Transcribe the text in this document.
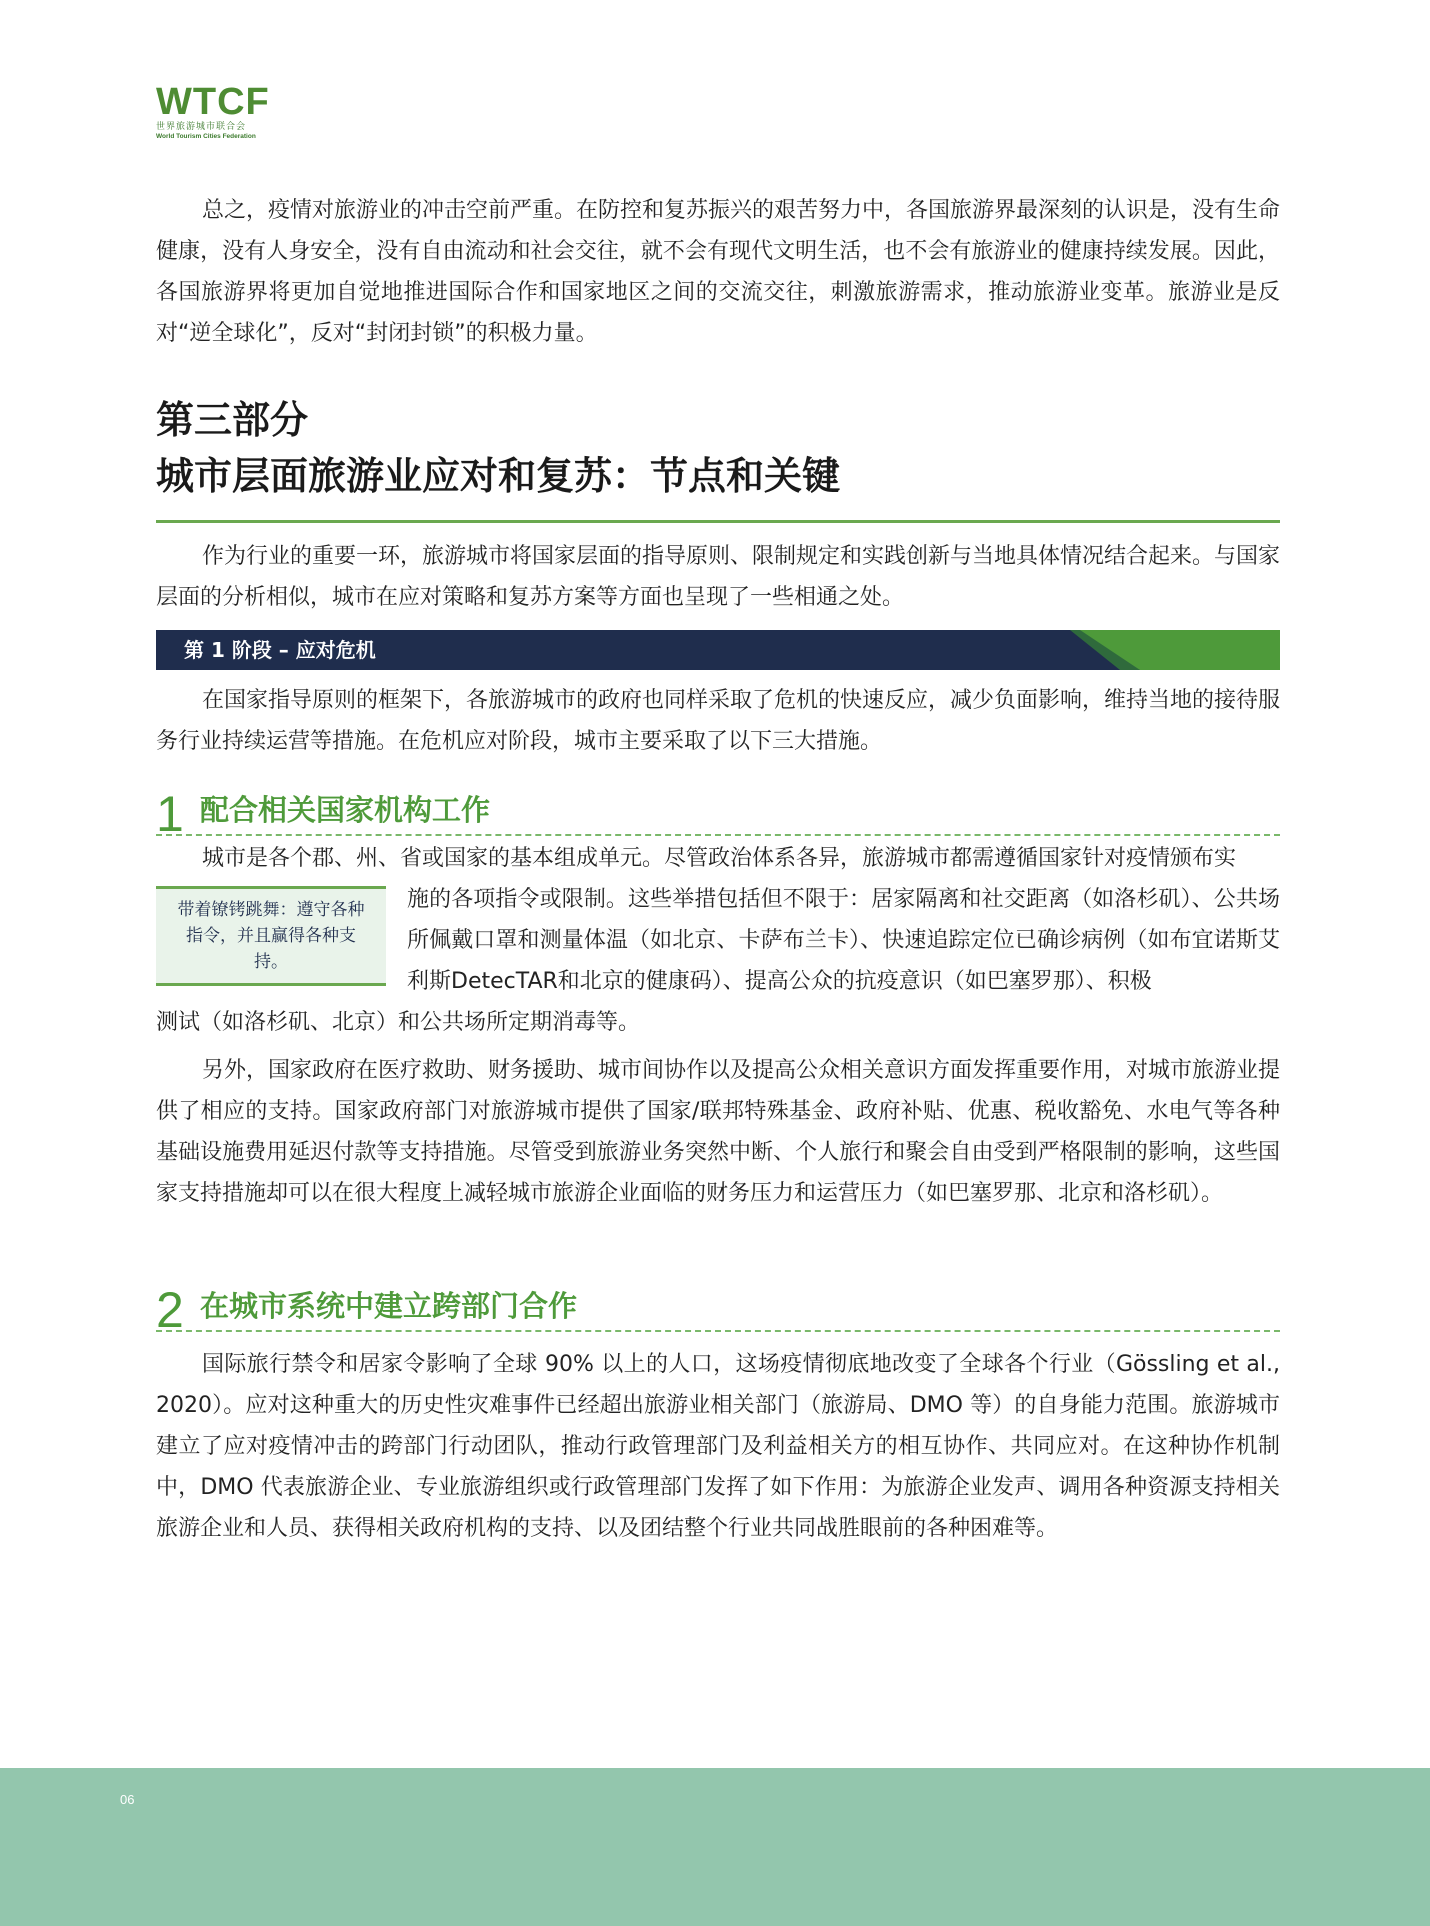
WTCF
世界旅游城市联合会
World Tourism Cities Federation

总之，疫情对旅游业的冲击空前严重。在防控和复苏振兴的艰苦努力中，各国旅游界最深刻的认识是，没有生命健康，没有人身安全，没有自由流动和社会交往，就不会有现代文明生活，也不会有旅游业的健康持续发展。因此，各国旅游界将更加自觉地推进国际合作和国家地区之间的交流交往，刺激旅游需求，推动旅游业变革。旅游业是反对“逆全球化”，反对“封闭封锁”的积极力量。

第三部分
城市层面旅游业应对和复苏：节点和关键

作为行业的重要一环，旅游城市将国家层面的指导原则、限制规定和实践创新与当地具体情况结合起来。与国家层面的分析相似，城市在应对策略和复苏方案等方面也呈现了一些相通之处。

第 1 阶段 – 应对危机

在国家指导原则的框架下，各旅游城市的政府也同样采取了危机的快速反应，减少负面影响，维持当地的接待服务行业持续运营等措施。在危机应对阶段，城市主要采取了以下三大措施。

1 配合相关国家机构工作

城市是各个郡、州、省或国家的基本组成单元。尽管政治体系各异，旅游城市都需遵循国家针对疫情颁布实

带着镣铐跳舞：遵守各种指令，并且赢得各种支持。

施的各项指令或限制。这些举措包括但不限于：居家隔离和社交距离（如洛杉矶）、公共场所佩戴口罩和测量体温（如北京、卡萨布兰卡）、快速追踪定位已确诊病例（如布宜诺斯艾利斯DetecTAR和北京的健康码）、提高公众的抗疫意识（如巴塞罗那）、积极

测试（如洛杉矶、北京）和公共场所定期消毒等。

另外，国家政府在医疗救助、财务援助、城市间协作以及提高公众相关意识方面发挥重要作用，对城市旅游业提供了相应的支持。国家政府部门对旅游城市提供了国家/联邦特殊基金、政府补贴、优惠、税收豁免、水电气等各种基础设施费用延迟付款等支持措施。尽管受到旅游业务突然中断、个人旅行和聚会自由受到严格限制的影响，这些国家支持措施却可以在很大程度上减轻城市旅游企业面临的财务压力和运营压力（如巴塞罗那、北京和洛杉矶）。

2 在城市系统中建立跨部门合作

国际旅行禁令和居家令影响了全球 90% 以上的人口，这场疫情彻底地改变了全球各个行业（Gössling et al., 2020）。应对这种重大的历史性灾难事件已经超出旅游业相关部门（旅游局、DMO 等）的自身能力范围。旅游城市建立了应对疫情冲击的跨部门行动团队，推动行政管理部门及利益相关方的相互协作、共同应对。在这种协作机制中，DMO 代表旅游企业、专业旅游组织或行政管理部门发挥了如下作用：为旅游企业发声、调用各种资源支持相关旅游企业和人员、获得相关政府机构的支持、以及团结整个行业共同战胜眼前的各种困难等。

06
